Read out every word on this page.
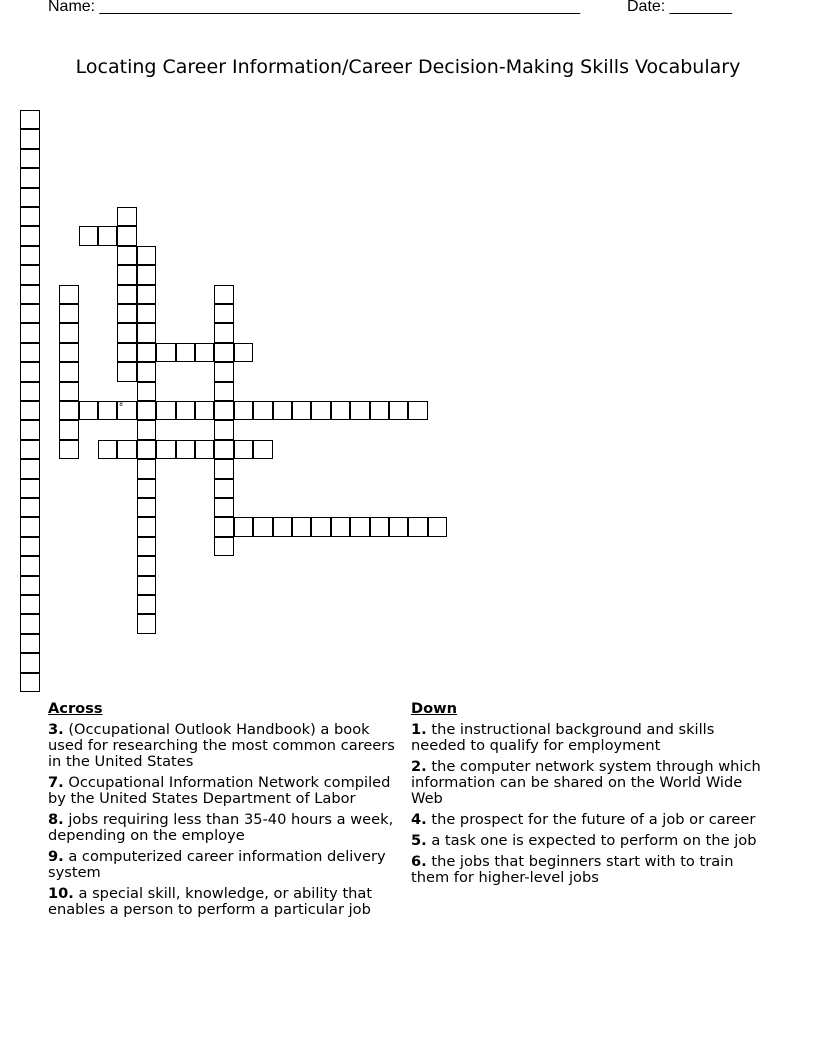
Name: ______________________________________________________	Date: _______
Locating Career Information/Career Decision-Making Skills Vocabulary
8
Across
3. (Occupational Outlook Handbook) a book used for researching the most common careers in the United States
7. Occupational Information Network compiled by the United States Department of Labor
8. jobs requiring less than 35-40 hours a week, depending on the employe
9. a computerized career information delivery system
10. a special skill, knowledge, or ability that enables a person to perform a particular job
Down
1. the instructional background and skills needed to qualify for employment
2. the computer network system through which information can be shared on the World Wide Web
4. the prospect for the future of a job or career
5. a task one is expected to perform on the job
6. the jobs that beginners start with to train them for higher-level jobs
